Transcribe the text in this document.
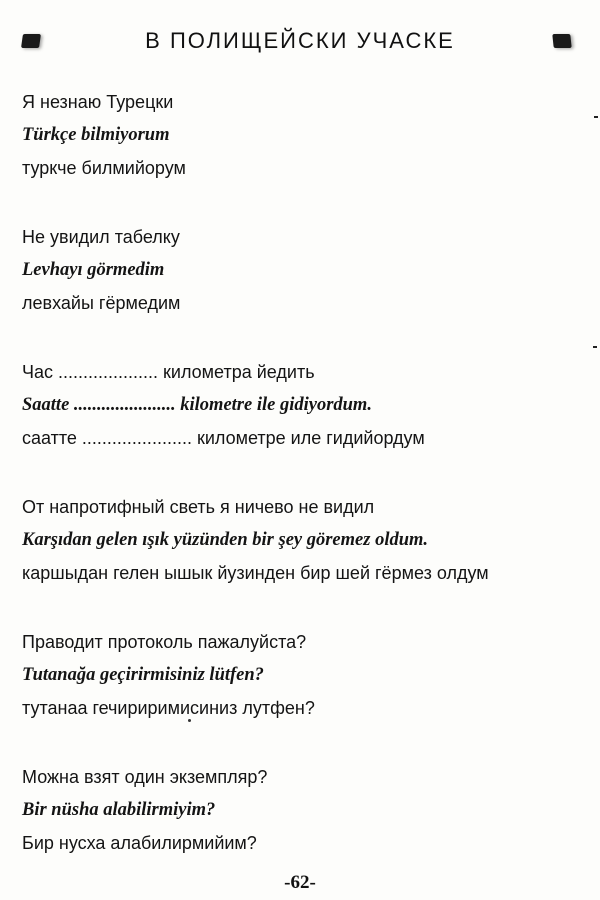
В ПОЛИЩЕЙСКИ УЧАСКЕ
Я незнаю Турецки
Türkçe bilmiyorum
туркче билмийорум
Не увидил табелку
Levhayı görmedim
левхайы гёрмедим
Час .................... километра йедить
Saatte ...................... kilometre ile gidiyordum.
саатте ...................... километре иле гидийордум
От напротифный светь я ничево не видил
Karşıdan gelen ışık yüzünden bir şey göremez oldum.
каршыдан гелен ышык йузинден бир шей гёрмез олдум
Праводит протоколь пажалуйста?
Tutanağa geçirirmisiniz lütfen?
тутанаа гечириримисиниз лутфен?
Можна взят один экземпляр?
Bir nüsha alabilirmiyim?
Бир нусха алабилирмийим?
-62-
